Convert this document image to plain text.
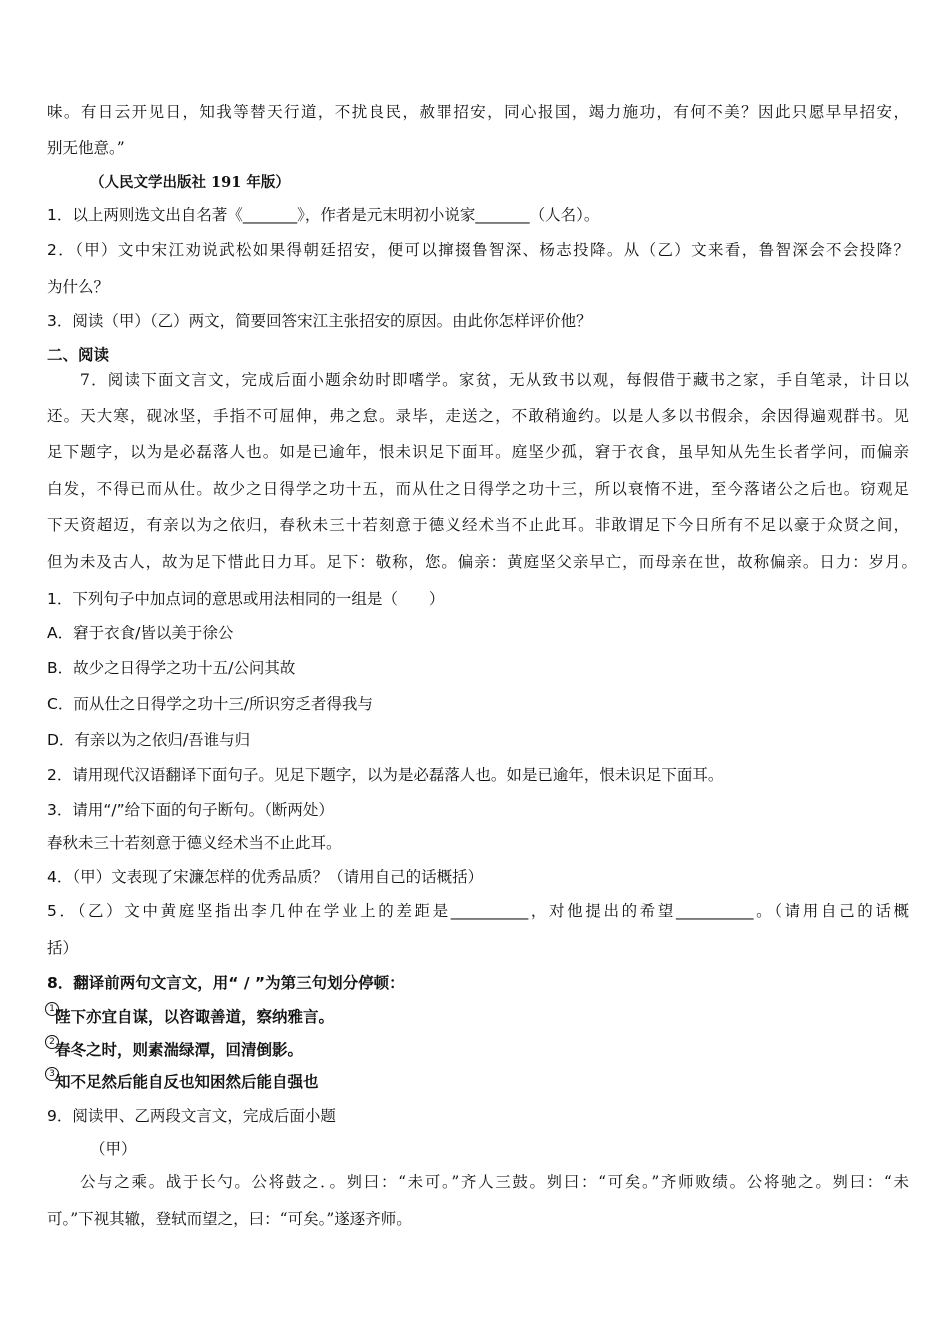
味。有日云开见日，知我等替天行道，不扰良民，赦罪招安，同心报国，竭力施功，有何不美？因此只愿早早招安，
别无他意。”
（人民文学出版社 191 年版）
1．以上两则选文出自名著《_______》，作者是元末明初小说家_______（人名）。
2．（甲）文中宋江劝说武松如果得朝廷招安，便可以撺掇鲁智深、杨志投降。从（乙）文来看，鲁智深会不会投降？
为什么？
3．阅读（甲）（乙）两文，简要回答宋江主张招安的原因。由此你怎样评价他？
二、阅读
7．阅读下面文言文，完成后面小题余幼时即嗜学。家贫，无从致书以观，每假借于藏书之家，手自笔录，计日以
还。天大寒，砚冰坚，手指不可屈伸，弗之怠。录毕，走送之，不敢稍逾约。以是人多以书假余，余因得遍观群书。见
足下题字，以为是必磊落人也。如是已逾年，恨未识足下面耳。庭坚少孤，窘于衣食，虽早知从先生长者学问，而偏亲
白发，不得已而从仕。故少之日得学之功十五，而从仕之日得学之功十三，所以衰惰不进，至今落诸公之后也。窃观足
下天资超迈，有亲以为之依归，春秋未三十若刻意于德义经术当不止此耳。非敢谓足下今日所有不足以豪于众贤之间，
但为未及古人，故为足下惜此日力耳。足下：敬称，您。偏亲：黄庭坚父亲早亡，而母亲在世，故称偏亲。日力：岁月。
1．下列句子中加点词的意思或用法相同的一组是（　　）
A．窘于衣食/皆以美于徐公
B．故少之日得学之功十五/公问其故
C．而从仕之日得学之功十三/所识穷乏者得我与
D．有亲以为之依归/吾谁与归
2．请用现代汉语翻译下面句子。见足下题字，以为是必磊落人也。如是已逾年，恨未识足下面耳。
3．请用“/”给下面的句子断句。（断两处）
春秋未三十若刻意于德义经术当不止此耳。
4．（甲）文表现了宋濂怎样的优秀品质？（请用自己的话概括）
5．（乙）文中黄庭坚指出李几仲在学业上的差距是__________，对他提出的希望__________。（请用自己的话概
括）
8．翻译前两句文言文，用“ / ”为第三句划分停顿：
1 陛下亦宜自谋，以咨诹善道，察纳雅言。
2 春冬之时，则素湍绿潭，回清倒影。
3 知不足然后能自反也知困然后能自强也
9．阅读甲、乙两段文言文，完成后面小题
（甲）
公与之乘。战于长勺。公将鼓之．。刿曰：“未可。”齐人三鼓。刿曰：“可矣。”齐师败绩。公将驰之。刿曰：“未
可。”下视其辙，登轼而望之，曰：“可矣。”遂逐齐师。
